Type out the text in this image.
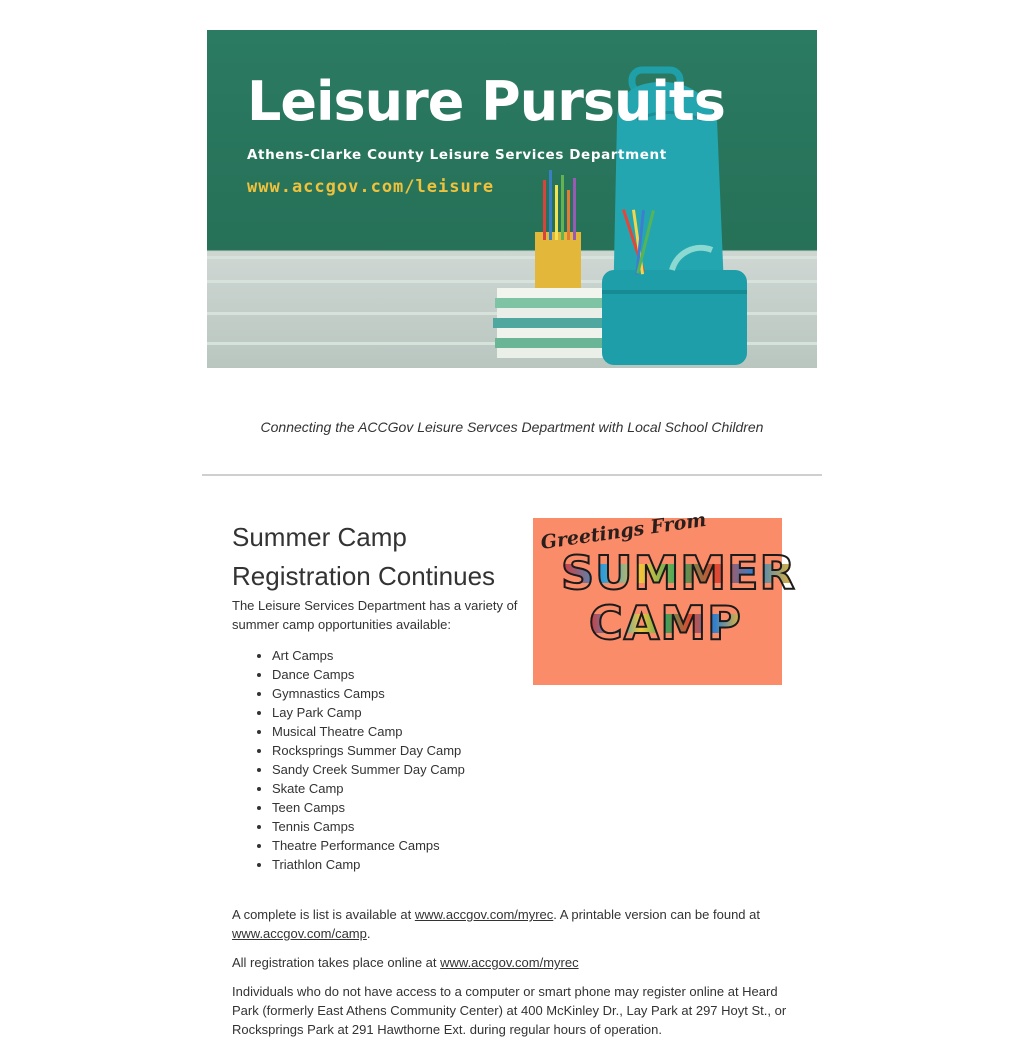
Leisure Pursuits
Athens-Clarke County Leisure Services Department
www.accgov.com/leisure
Connecting the ACCGov Leisure Servces Department with Local School Children
Greetings From
SUMMER
CAMP
Summer Camp Registration Continues

The Leisure Services Department has a variety of summer camp opportunities available:

• Art Camps
• Dance Camps
• Gymnastics Camps
• Lay Park Camp
• Musical Theatre Camp
• Rocksprings Summer Day Camp
• Sandy Creek Summer Day Camp
• Skate Camp
• Teen Camps
• Tennis Camps
• Theatre Performance Camps
• Triathlon Camp

A complete is list is available at www.accgov.com/myrec. A printable version can be found at www.accgov.com/camp.

All registration takes place online at www.accgov.com/myrec

Individuals who do not have access to a computer or smart phone may register online at Heard Park (formerly East Athens Community Center) at 400 McKinley Dr., Lay Park at 297 Hoyt St., or Rocksprings Park at 291 Hawthorne Ext. during regular hours of operation.
